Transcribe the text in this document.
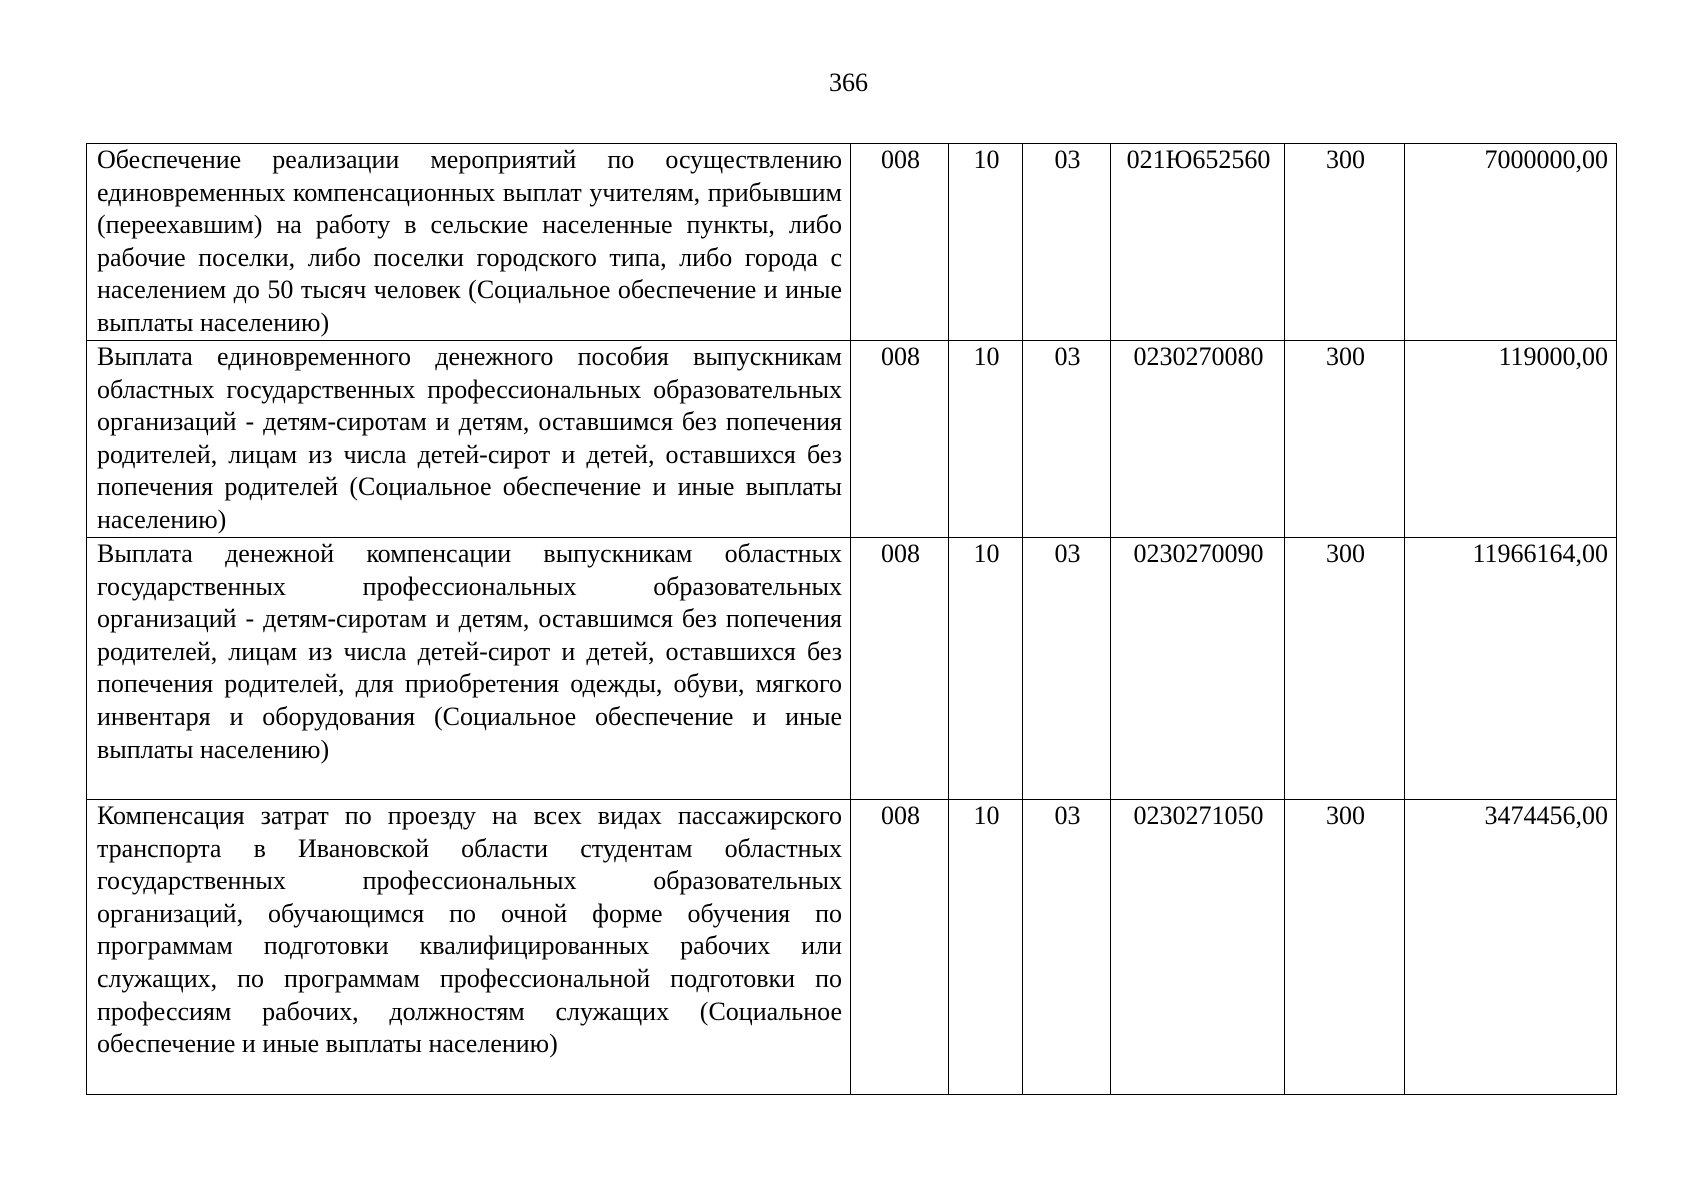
366
Обеспечение реализации мероприятий по осуществлению единовременных компенсационных выплат учителям, прибывшим (переехавшим) на работу в сельские населенные пункты, либо рабочие поселки, либо поселки городского типа, либо города с населением до 50 тысяч человек (Социальное обеспечение и иные выплаты населению)	008	10	03	021Ю652560	300	7000000,00
Выплата единовременного денежного пособия выпускникам областных государственных профессиональных образовательных организаций - детям-сиротам и детям, оставшимся без попечения родителей, лицам из числа детей-сирот и детей, оставшихся без попечения родителей (Социальное обеспечение и иные выплаты населению)	008	10	03	0230270080	300	119000,00
Выплата денежной компенсации выпускникам областных государственных профессиональных образовательных организаций - детям-сиротам и детям, оставшимся без попечения родителей, лицам из числа детей-сирот и детей, оставшихся без попечения родителей, для приобретения одежды, обуви, мягкого инвентаря и оборудования (Социальное обеспечение и иные выплаты населению)	008	10	03	0230270090	300	11966164,00
Компенсация затрат по проезду на всех видах пассажирского транспорта в Ивановской области студентам областных государственных профессиональных образовательных организаций, обучающимся по очной форме обучения по программам подготовки квалифицированных рабочих или служащих, по программам профессиональной подготовки по профессиям рабочих, должностям служащих (Социальное обеспечение и иные выплаты населению)	008	10	03	0230271050	300	3474456,00
